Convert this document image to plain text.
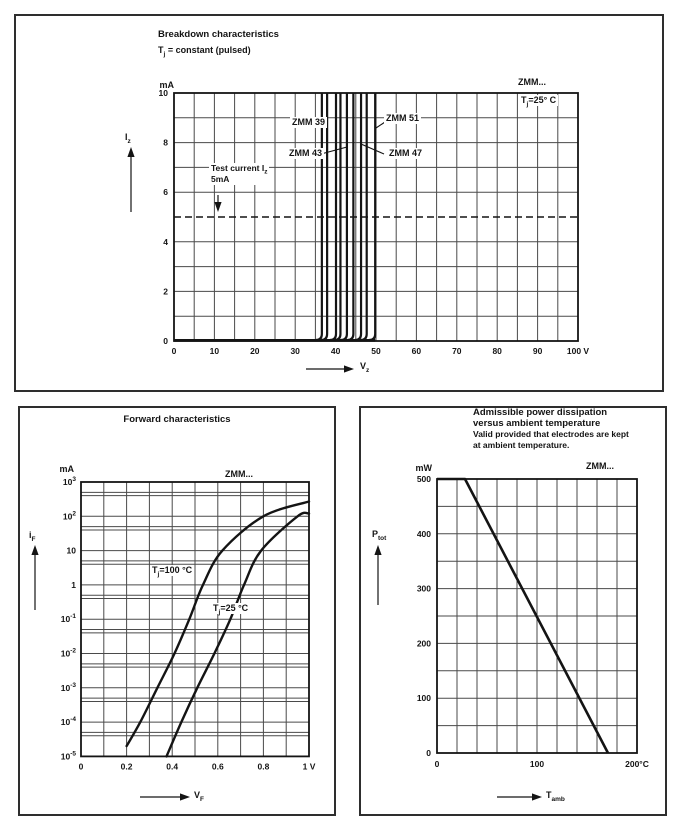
0	10	20	30	40	50	60	70	80	90	100 V
10
8
6
4
2
0
Breakdown characteristics
$T_j$ = constant (pulsed)
mA	ZMM...
$T_j=25^\circ$ C
$I_z$
ZMM 39
ZMM 43
ZMM 51
ZMM 47
Test current $I_z$
5mA
$V_z$
0	0.2	0.4	0.6	0.8	1 V
$10^3$
$10^2$
10
1
$10^{-1}$
$10^{-2}$
$10^{-3}$
$10^{-4}$
$10^{-5}$
Forward characteristics
mA	ZMM...
$i_F$
$T_j=100$ °C
$T_j=25$ °C
$V_F$
0	100	200°C
500
400
300
200
100
0
Admissible power dissipation
versus ambient temperature
Valid provided that electrodes are kept
at ambient temperature.
mW	ZMM...
$P_{tot}$
$T_{amb}$
